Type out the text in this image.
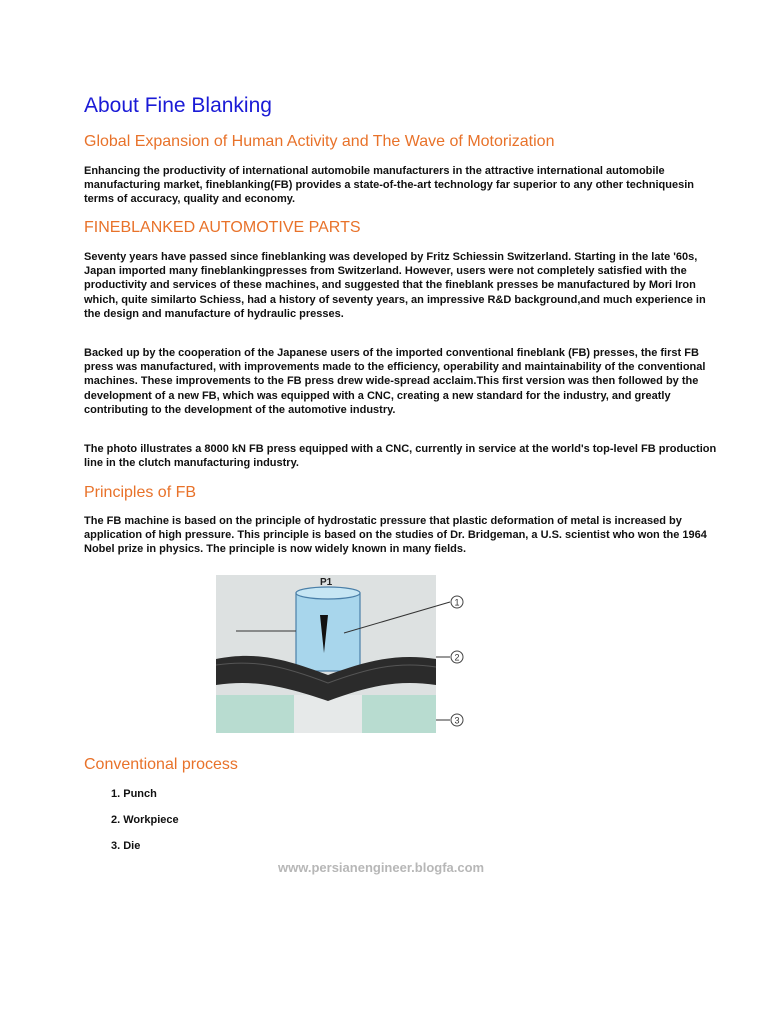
About Fine Blanking
Global Expansion of Human Activity and The Wave of Motorization

Enhancing the productivity of international automobile manufacturers in the attractive international automobile manufacturing market, fineblanking(FB) provides a state-of-the-art technology far superior to any other techniquesin terms of accuracy, quality and economy.

FINEBLANKED AUTOMOTIVE PARTS

Seventy years have passed since fineblanking was developed by Fritz Schiessin Switzerland. Starting in the late '60s, Japan imported many fineblankingpresses from Switzerland. However, users were not completely satisfied with the productivity and services of these machines, and suggested that the fineblank presses be manufactured by Mori Iron which, quite similarto Schiess, had a history of seventy years, an impressive R&D background,and much experience in the design and manufacture of hydraulic presses.

Backed up by the cooperation of the Japanese users of the imported conventional fineblank (FB) presses, the first FB press was manufactured, with improvements made to the efficiency, operability and maintainability of the conventional machines. These improvements to the FB press drew wide-spread acclaim.This first version was then followed by the development of a new FB, which was equipped with a CNC, creating a new standard for the industry, and greatly contributing to the development of the automotive industry.

The photo illustrates a 8000 kN FB press equipped with a CNC, currently in service at the world's top-level FB production line in the clutch manufacturing industry.

Principles of FB

The FB machine is based on the principle of hydrostatic pressure that plastic deformation of metal is increased by application of high pressure. This principle is based on the studies of Dr. Bridgeman, a U.S. scientist who won the 1964 Nobel prize in physics. The principle is now widely known in many fields.

Conventional process
1. Punch
2. Workpiece
3. Die
P1
1
2
3
www.persianengineer.blogfa.com
